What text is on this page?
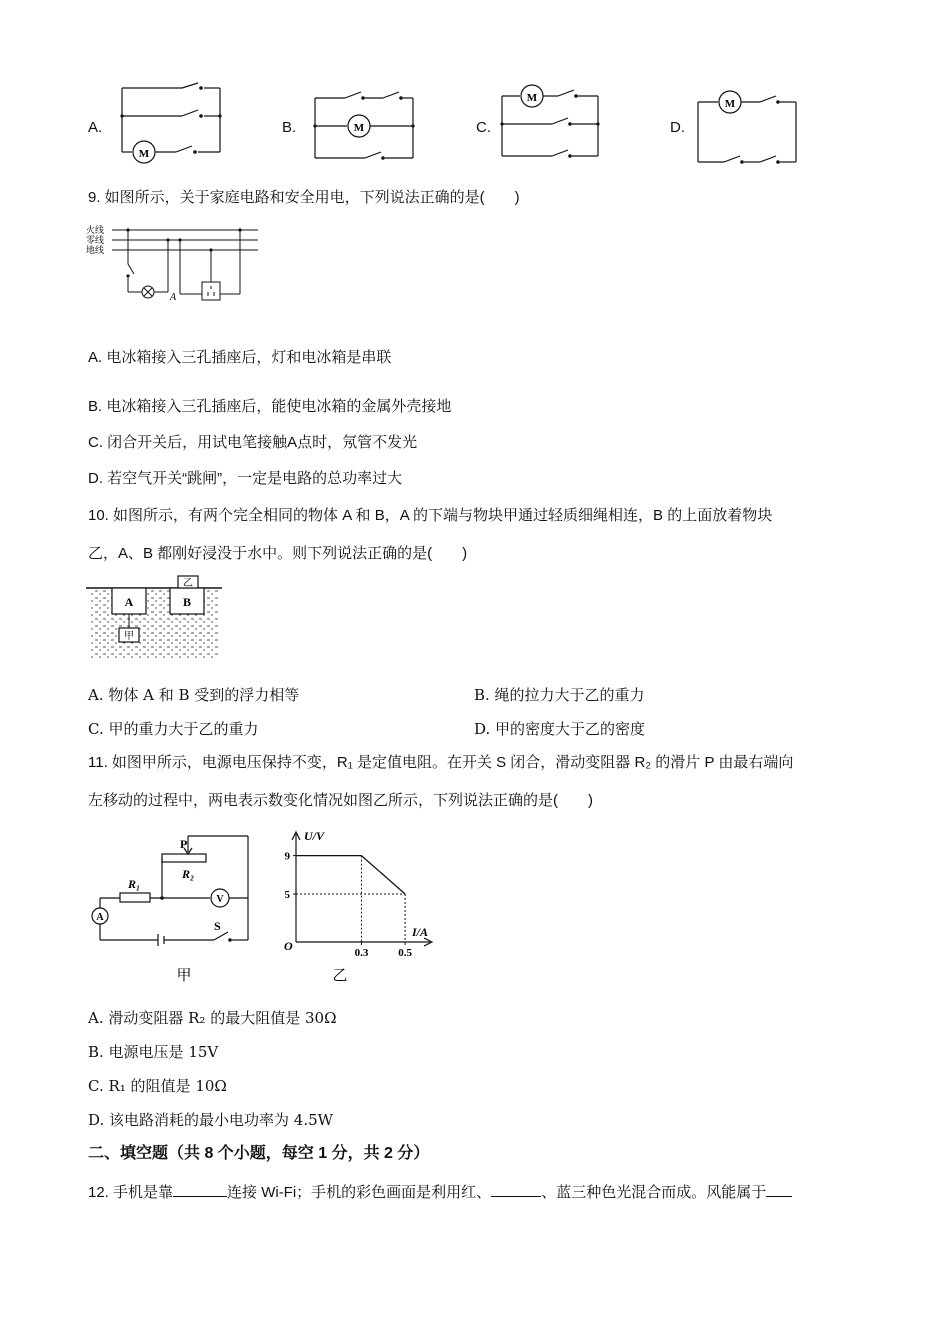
A.
M
B.	M	C.
M
D.
M
9. 如图所示，关于家庭电路和安全用电，下列说法正确的是(　　)
火线
零线
地线
A
A. 电冰箱接入三孔插座后，灯和电冰箱是串联
B. 电冰箱接入三孔插座后，能使电冰箱的金属外壳接地
C. 闭合开关后，用试电笔接触A点时，氖管不发光
D. 若空气开关“跳闸”，一定是电路的总功率过大
10. 如图所示，有两个完全相同的物体 A 和 B，A 的下端与物块甲通过轻质细绳相连，B 的上面放着物块
乙，A、B 都刚好浸没于水中。则下列说法正确的是(　　)
A	B
乙
甲
A. 物体 A 和 B 受到的浮力相等	B. 绳的拉力大于乙的重力
C. 甲的重力大于乙的重力	D. 甲的密度大于乙的密度
11. 如图甲所示，电源电压保持不变，R₁ 是定值电阻。在开关 S 闭合，滑动变阻器 R₂ 的滑片 P 由最右端向
左移动的过程中，两电表示数变化情况如图乙所示，下列说法正确的是(　　)
P
R₂
R₁
V
A
S
甲
U/V
I/A
O
9
5
0.3	0.5
乙
A. 滑动变阻器 R₂ 的最大阻值是 30Ω
B. 电源电压是 15V
C. R₁ 的阻值是 10Ω
D. 该电路消耗的最小电功率为 4.5W
二、填空题（共 8 个小题，每空 1 分，共 2 分）
12. 手机是靠	连接 Wi-Fi；手机的彩色画面是利用红、	、蓝三种色光混合而成。风能属于
